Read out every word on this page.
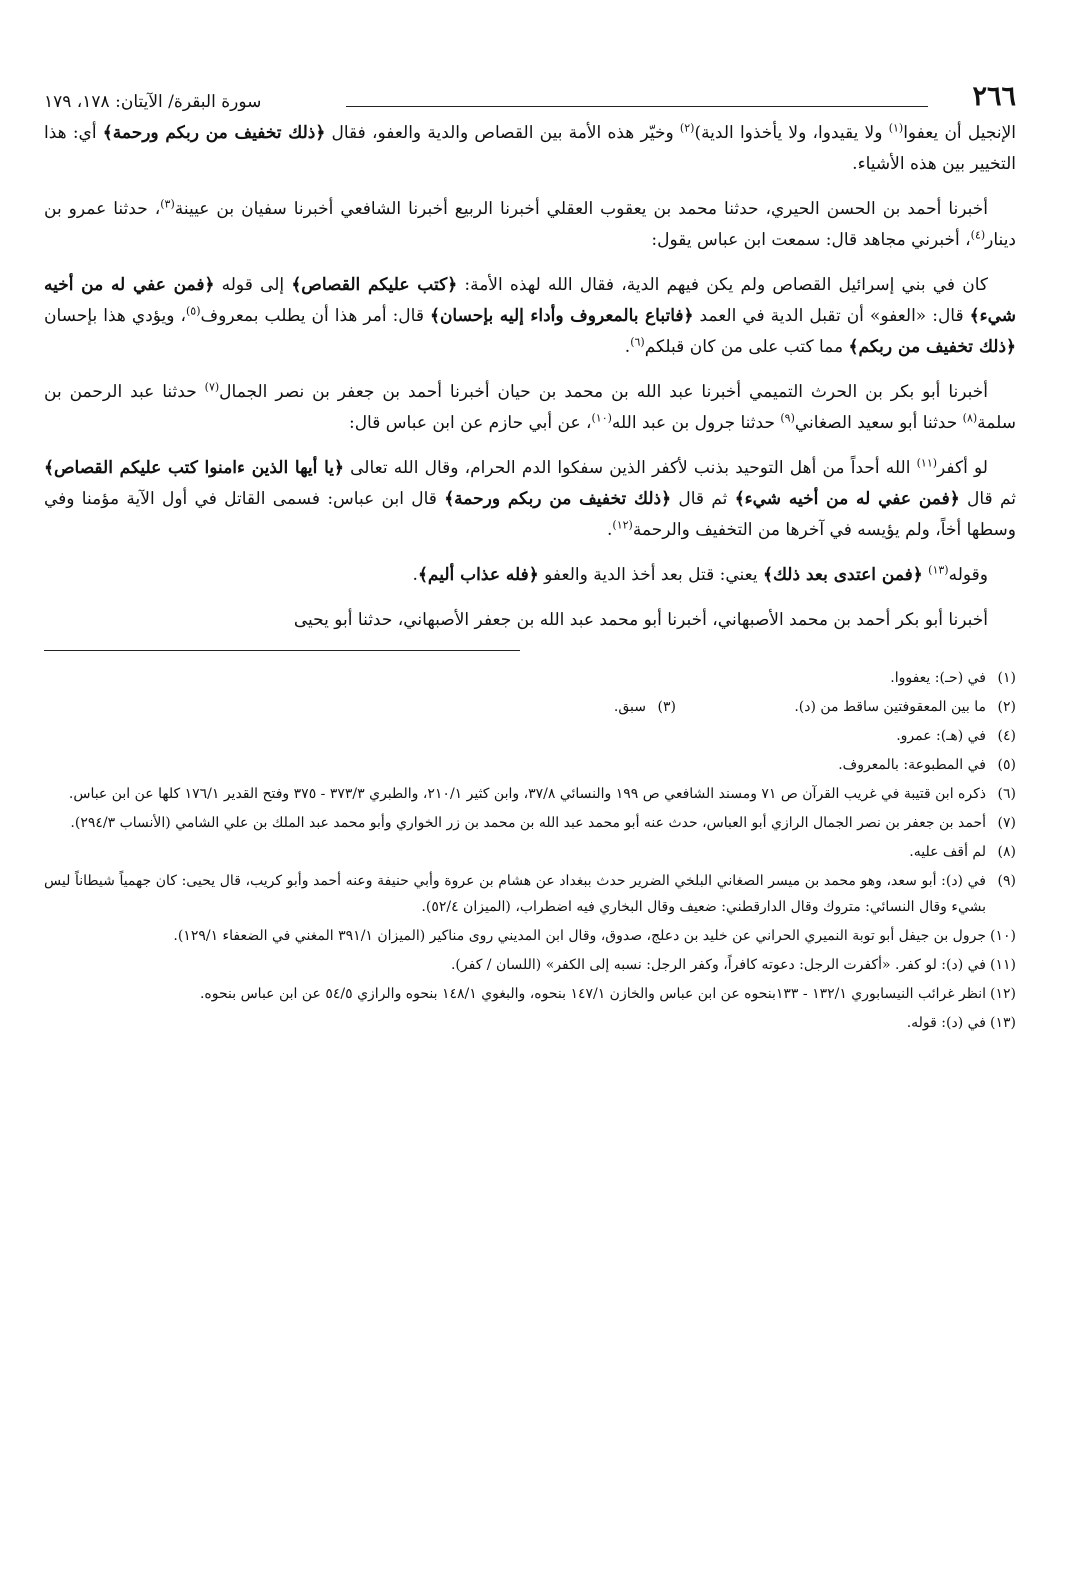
٢٦٦
سورة البقرة/ الآيتان: ١٧٨، ١٧٩

الإنجيل أن يعفوا$^{(١)}$ ولا يقيدوا، ولا يأخذوا الدية)$^{(٢)}$ وخيّر هذه الأمة بين القصاص والدية والعفو، فقال ﴿ذلك تخفيف من ربكم ورحمة﴾ أي: هذا التخيير بين هذه الأشياء.

أخبرنا أحمد بن الحسن الحيري، حدثنا محمد بن يعقوب العقلي أخبرنا الربيع أخبرنا الشافعي أخبرنا سفيان بن عيينة$^{(٣)}$، حدثنا عمرو بن دينار$^{(٤)}$، أخبرني مجاهد قال: سمعت ابن عباس يقول:

كان في بني إسرائيل القصاص ولم يكن فيهم الدية، فقال الله لهذه الأمة: ﴿كتب عليكم القصاص﴾ إلى قوله ﴿فمن عفي له من أخيه شيء﴾ قال: «العفو» أن تقبل الدية في العمد ﴿فاتباع بالمعروف وأداء إليه بإحسان﴾ قال: أمر هذا أن يطلب بمعروف$^{(٥)}$، ويؤدي هذا بإحسان ﴿ذلك تخفيف من ربكم﴾ مما كتب على من كان قبلكم$^{(٦)}$.

أخبرنا أبو بكر بن الحرث التميمي أخبرنا عبد الله بن محمد بن حيان أخبرنا أحمد بن جعفر بن نصر الجمال$^{(٧)}$ حدثنا عبد الرحمن بن سلمة$^{(٨)}$ حدثنا أبو سعيد الصغاني$^{(٩)}$ حدثنا جرول بن عبد الله$^{(١٠)}$، عن أبي حازم عن ابن عباس قال:

لو أكفر$^{(١١)}$ الله أحداً من أهل التوحيد بذنب لأكفر الذين سفكوا الدم الحرام، وقال الله تعالى ﴿يا أيها الذين ءامنوا كتب عليكم القصاص﴾ ثم قال ﴿فمن عفي له من أخيه شيء﴾ ثم قال ﴿ذلك تخفيف من ربكم ورحمة﴾ قال ابن عباس: فسمى القاتل في أول الآية مؤمنا وفي وسطها أخاً، ولم يؤيسه في آخرها من التخفيف والرحمة$^{(١٢)}$.

وقوله$^{(١٣)}$ ﴿فمن اعتدى بعد ذلك﴾ يعني: قتل بعد أخذ الدية والعفو ﴿فله عذاب أليم﴾.

أخبرنا أبو بكر أحمد بن محمد الأصبهاني، أخبرنا أبو محمد عبد الله بن جعفر الأصبهاني، حدثنا أبو يحيى

(١)
في (حـ): يعفووا.
(٢)
ما بين المعقوفتين ساقط من (د).
(٣)
سبق.
(٤)
في (هـ): عمرو.
(٥)
في المطبوعة: بالمعروف.
(٦)
ذكره ابن قتيبة في غريب القرآن ص ٧١ ومسند الشافعي ص ١٩٩ والنسائي ٣٧/٨، وابن كثير ٢١٠/١، والطبري ٣٧٣/٣ - ٣٧٥ وفتح القدير ١٧٦/١ كلها عن ابن عباس.
(٧)
أحمد بن جعفر بن نصر الجمال الرازي أبو العباس، حدث عنه أبو محمد عبد الله بن محمد بن زر الخواري وأبو محمد عبد الملك بن علي الشامي (الأنساب ٢٩٤/٣).
(٨)
لم أقف عليه.
(٩)
في (د): أبو سعد، وهو محمد بن ميسر الصغاني البلخي الضرير حدث ببغداد عن هشام بن عروة وأبي حنيفة وعنه أحمد وأبو كريب، قال يحيى: كان جهمياً شيطاناً ليس بشيء وقال النسائي: متروك وقال الدارقطني: ضعيف وقال البخاري فيه اضطراب، (الميزان ٥٢/٤).
(١٠)
جرول بن جيفل أبو توبة النميري الحراني عن خليد بن دعلج، صدوق، وقال ابن المديني روى مناكير (الميزان ٣٩١/١ المغني في الضعفاء ١٢٩/١).
(١١)
في (د): لو كفر. «أكفرت الرجل: دعوته كافراً، وكفر الرجل: نسبه إلى الكفر» (اللسان / كفر).
(١٢)
انظر غرائب النيسابوري ١٣٢/١ - ١٣٣بنحوه عن ابن عباس والخازن ١٤٧/١ بنحوه، والبغوي ١٤٨/١ بنحوه والرازي ٥٤/٥ عن ابن عباس بنحوه.
(١٣)
في (د): قوله.
